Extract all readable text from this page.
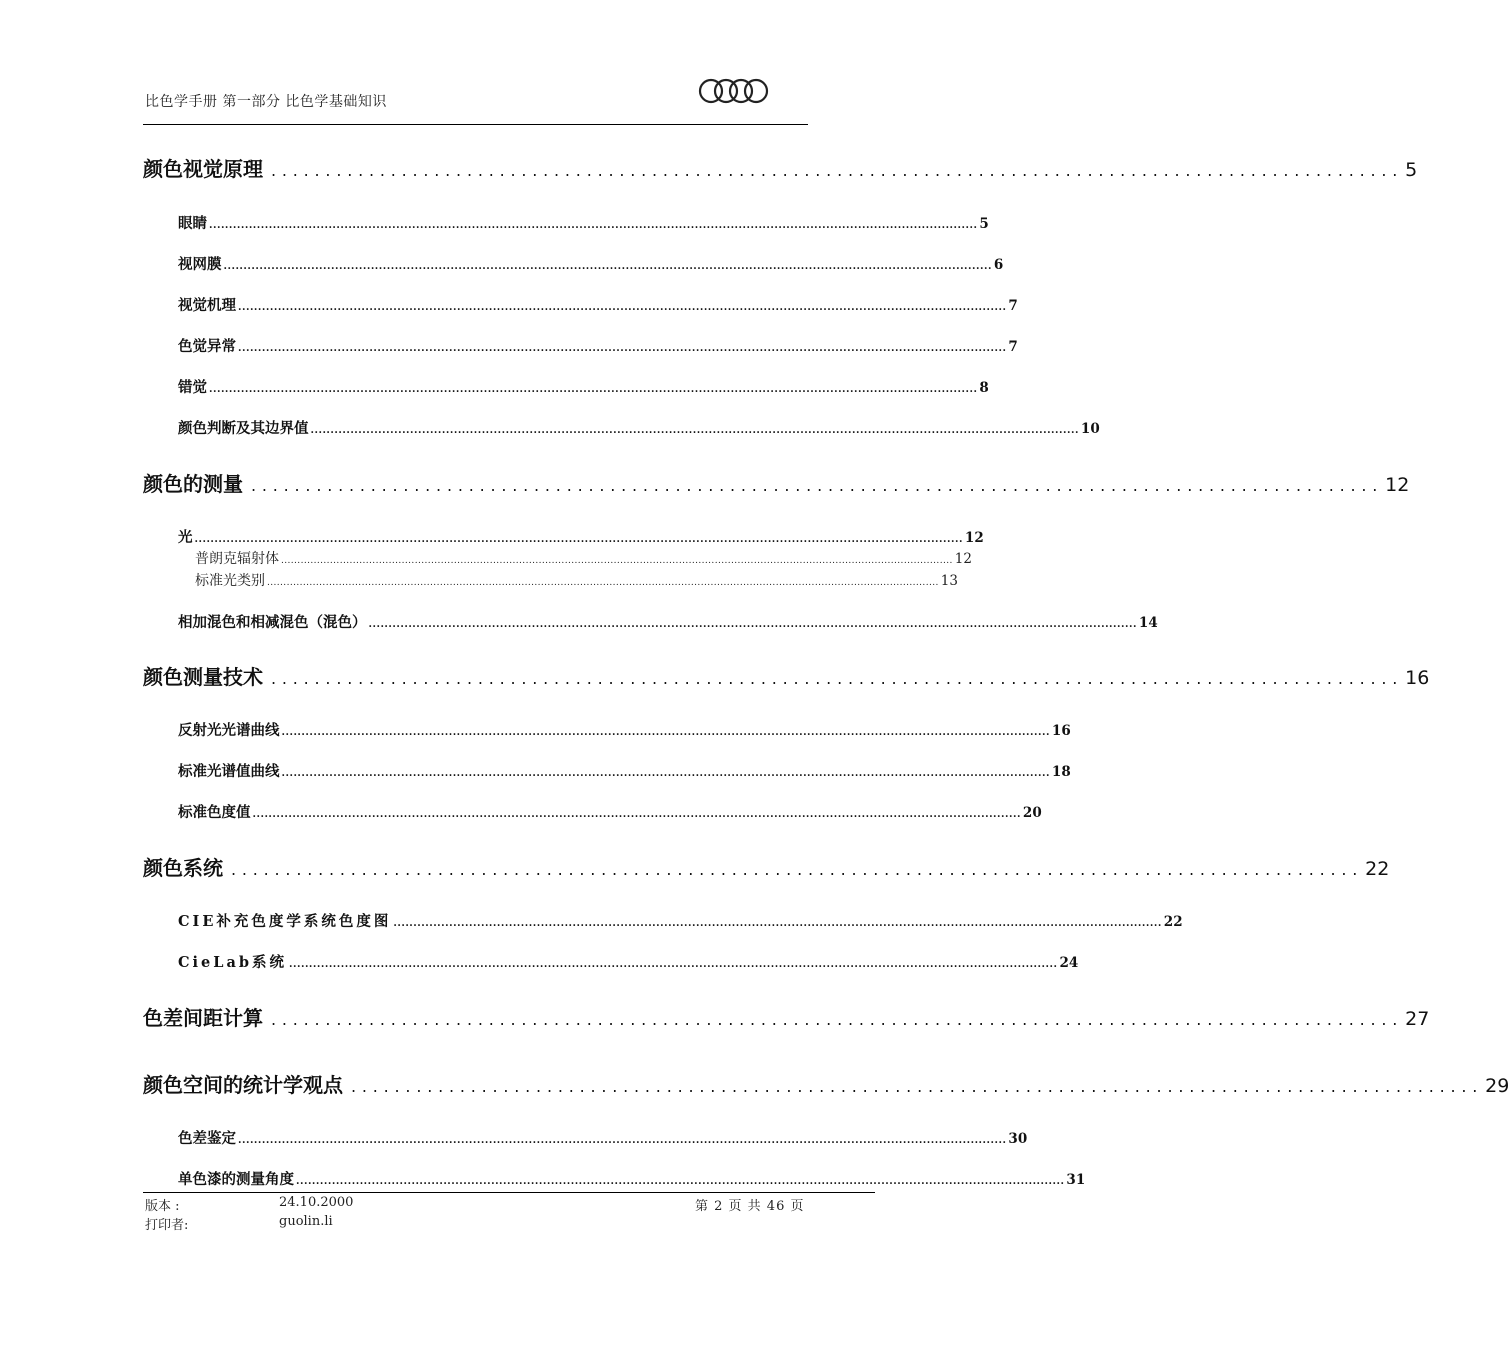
比色学手册 第一部分 比色学基础知识
颜色视觉原理 ........................................................................................................ 5
眼睛 ................................................................................................................................................................................................. 5
视网膜 ................................................................................................................................................................................................. 6
视觉机理 ................................................................................................................................................................................................. 7
色觉异常 ................................................................................................................................................................................................. 7
错觉 ................................................................................................................................................................................................. 8
颜色判断及其边界值 ................................................................................................................................................................................................. 10
颜色的测量 ........................................................................................................ 12
光 ................................................................................................................................................................................................. 12
普朗克辐射体 .............................................................................................................................................................................................................. 12
标准光类别 .............................................................................................................................................................................................................. 13
相加混色和相减混色（混色） ................................................................................................................................................................................................. 14
颜色测量技术 ........................................................................................................ 16
反射光光谱曲线 ................................................................................................................................................................................................. 16
标准光谱值曲线 ................................................................................................................................................................................................. 18
标准色度值 ................................................................................................................................................................................................. 20
颜色系统 ........................................................................................................ 22
CIE补充色度学系统色度图 ................................................................................................................................................................................................. 22
CieLab系统 ................................................................................................................................................................................................. 24
色差间距计算 ........................................................................................................ 27
颜色空间的统计学观点 ........................................................................................................ 29
色差鉴定 ................................................................................................................................................................................................. 30
单色漆的测量角度 ................................................................................................................................................................................................. 31
版本 :	24.10.2000
打印者:	guolin.li
第 2 页 共 46 页
